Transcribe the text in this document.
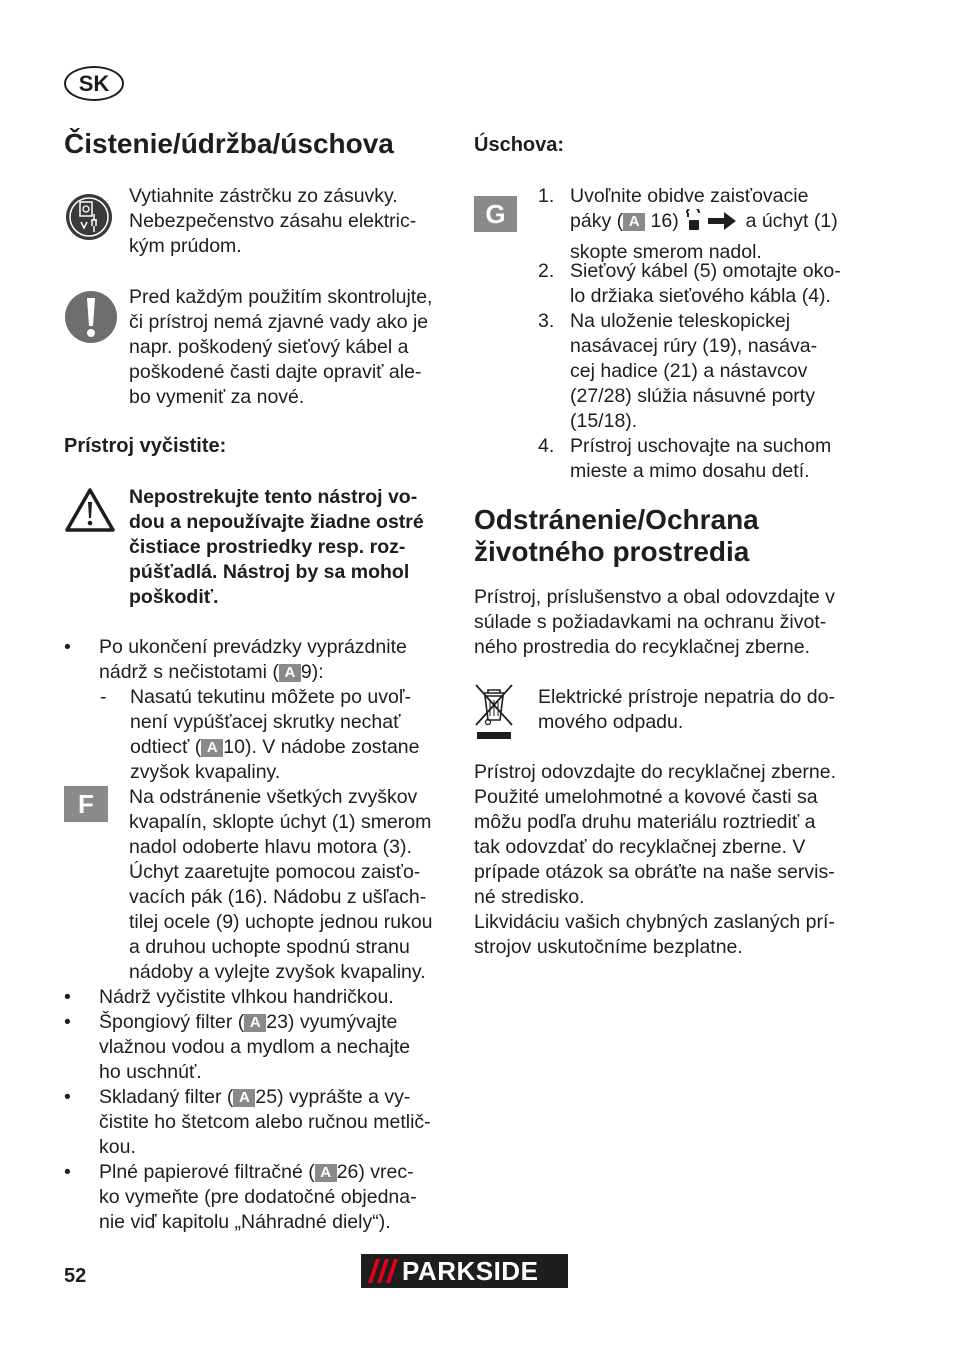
SK
Čistenie/údržba/úschova
Vytiahnite zástrčku zo zásuvky.
Nebezpečenstvo zásahu elektric-
kým prúdom.
Pred každým použitím skontrolujte,
či prístroj nemá zjavné vady ako je
napr. poškodený sieťový kábel a
poškodené časti dajte opraviť ale-
bo vymeniť za nové.
Prístroj vyčistite:
Nepostrekujte tento nástroj vo-
dou a nepoužívajte žiadne ostré
čistiace prostriedky resp. roz-
púšťadlá. Nástroj by sa mohol
poškodiť.
• Po ukončení prevádzky vyprázdnite
nádrž s nečistotami ( A 9):
- Nasatú tekutinu môžete po uvoľ-
není vypúšťacej skrutky nechať
odtiecť ( A 10). V nádobe zostane
zvyšok kvapaliny.
F	Na odstránenie všetkých zvyškov
kvapalín, sklopte úchyt (1) smerom
nadol odoberte hlavu motora (3).
Úchyt zaaretujte pomocou zaisťo-
vacích pák (16). Nádobu z ušľach-
tilej ocele (9) uchopte jednou rukou
a druhou uchopte spodnú stranu
nádoby a vylejte zvyšok kvapaliny.
• Nádrž vyčistite vlhkou handričkou.
• Špongiový filter ( A 23) vyumývajte
vlažnou vodou a mydlom a nechajte
ho uschnúť.
• Skladaný filter ( A 25) vyprášte a vy-
čistite ho štetcom alebo ručnou metlič-
kou.
• Plné papierové filtračné ( A 26) vrec-
ko vymeňte (pre dodatočné objedna-
nie viď kapitolu „Náhradné diely“).
Úschova:
G
1. Uvoľnite obidve zaisťovacie
páky ( A 16)	a úchyt (1)
skopte smerom nadol.
2. Sieťový kábel (5) omotajte oko-
lo držiaka sieťového kábla (4).
3. Na uloženie teleskopickej
nasávacej rúry (19), nasáva-
cej hadice (21) a nástavcov
(27/28) slúžia násuvné porty
(15/18).
4. Prístroj uschovajte na suchom
mieste a mimo dosahu detí.
Odstránenie/Ochrana
životného prostredia
Prístroj, príslušenstvo a obal odovzdajte v
súlade s požiadavkami na ochranu život-
ného prostredia do recyklačnej zberne.
Elektrické prístroje nepatria do do-
mového odpadu.
Prístroj odovzdajte do recyklačnej zberne.
Použité umelohmotné a kovové časti sa
môžu podľa druhu materiálu roztriediť a
tak odovzdať do recyklačnej zberne. V
prípade otázok sa obráťte na naše servis-
né stredisko.
Likvidáciu vašich chybných zaslaných prí-
strojov uskutočníme bezplatne.
52	PARKSIDE
